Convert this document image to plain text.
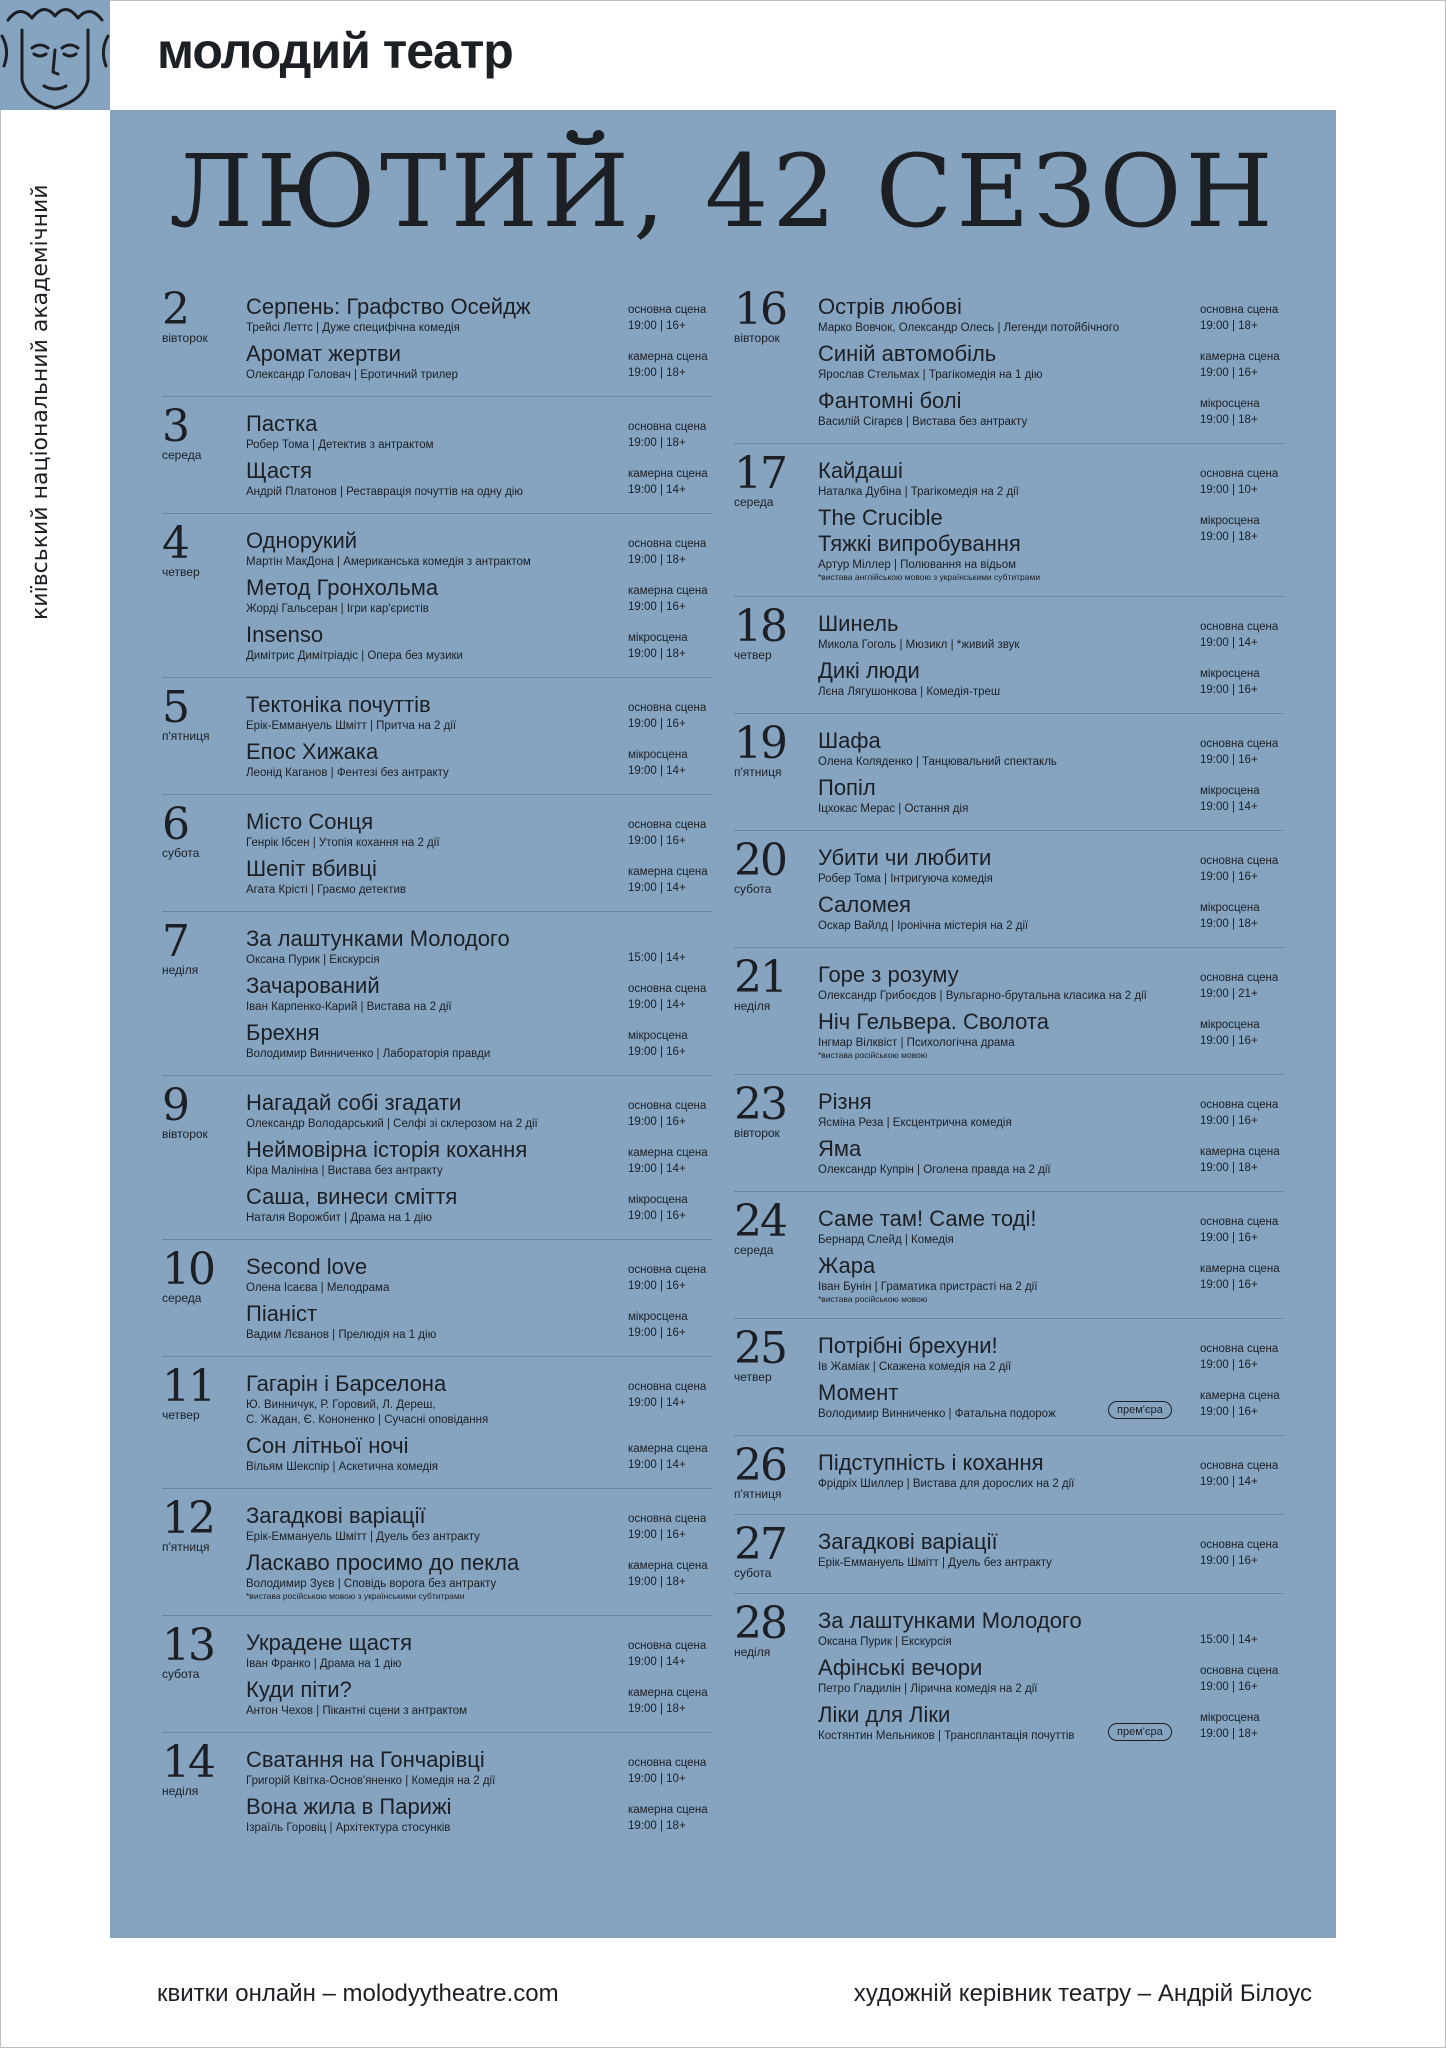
молодий театр
київський національний академічний	ЛЮТИЙ, 42 СЕЗОН
2
вівторок
Серпень: Графство Осейдж
Трейсі Леттс | Дуже специфічна комедія
основна сцена
19:00 | 16+
Аромат жертви
Олександр Головач | Еротичний трилер
камерна сцена
19:00 | 18+
3
середа
Пастка
Робер Тома | Детектив з антрактом
основна сцена
19:00 | 18+
Щастя
Андрій Платонов | Реставрація почуттів на одну дію
камерна сцена
19:00 | 14+
4
четвер
Однорукий
Мартін МакДона | Американська комедія з антрактом
основна сцена
19:00 | 18+
Метод Гронхольма
Жорді Гальсеран | Ігри кар'єристів
камерна сцена
19:00 | 16+
Insenso
Димітрис Димітріадіс | Опера без музики
мікросцена
19:00 | 18+
5
п'ятниця
Тектоніка почуттів
Ерік-Еммануель Шмітт | Притча на 2 дії
основна сцена
19:00 | 16+
Епос Хижака
Леонід Каганов | Фентезі без антракту
мікросцена
19:00 | 14+
6
субота
Місто Сонця
Генрік Ібсен | Утопія кохання на 2 дії
основна сцена
19:00 | 16+
Шепіт вбивці
Агата Крісті | Граємо детектив
камерна сцена
19:00 | 14+
7
неділя
За лаштунками Молодого
Оксана Пурик | Екскурсія	15:00 | 14+
Зачарований
Іван Карпенко-Карий | Вистава на 2 дії
основна сцена
19:00 | 14+
Брехня
Володимир Винниченко | Лабораторія правди
мікросцена
19:00 | 16+
9
вівторок
Нагадай собі згадати
Олександр Володарський | Селфі зі склерозом на 2 дії
основна сцена
19:00 | 16+
Неймовірна історія кохання
Кіра Малініна | Вистава без антракту
камерна сцена
19:00 | 14+
Саша, винеси сміття
Наталя Ворожбит | Драма на 1 дію
мікросцена
19:00 | 16+
10
середа
Second love
Олена Ісаєва | Мелодрама
основна сцена
19:00 | 16+
Піаніст
Вадим Лєванов | Прелюдія на 1 дію
мікросцена
19:00 | 16+
11
четвер
Гагарін і Барселона
Ю. Винничук, Р. Горовий, Л. Дереш,
С. Жадан, Є. Кононенко | Сучасні оповідання
основна сцена
19:00 | 14+
Сон літньої ночі
Вільям Шекспір | Аскетична комедія
камерна сцена
19:00 | 14+
12
п'ятниця
Загадкові варіації
Ерік-Еммануель Шмітт | Дуель без антракту
основна сцена
19:00 | 16+
Ласкаво просимо до пекла
Володимир Зуєв | Сповідь ворога без антракту
*вистава російською мовою з українськими субтитрами
камерна сцена
19:00 | 18+
13
субота
Украдене щастя
Іван Франко | Драма на 1 дію
основна сцена
19:00 | 14+
Куди піти?
Антон Чехов | Пікантні сцени з антрактом
камерна сцена
19:00 | 18+
14
неділя
Сватання на Гончарівці
Григорій Квітка-Основ'яненко | Комедія на 2 дії
основна сцена
19:00 | 10+
Вона жила в Парижі
Ізраїль Горовіц | Архітектура стосунків
камерна сцена
19:00 | 18+
16
вівторок
Острів любові
Марко Вовчок, Олександр Олесь | Легенди потойбічного
основна сцена
19:00 | 18+
Синій автомобіль
Ярослав Стельмах | Трагікомедія на 1 дію
камерна сцена
19:00 | 16+
Фантомні болі
Василій Сігарєв | Вистава без антракту
мікросцена
19:00 | 18+
17
середа
Кайдаші
Наталка Дубіна | Трагікомедія на 2 дії
основна сцена
19:00 | 10+
The Crucible
Тяжкі випробування
Артур Міллер | Полювання на відьом
*вистава англійською мовою з українськими субтитрами
мікросцена
19:00 | 18+
18
четвер
Шинель
Микола Гоголь | Мюзикл | *живий звук
основна сцена
19:00 | 14+
Дикі люди
Лєна Лягушонкова | Комедія-треш
мікросцена
19:00 | 16+
19
п'ятниця
Шафа
Олена Коляденко | Танцювальний спектакль
основна сцена
19:00 | 16+
Попіл
Іцхокас Мерас | Остання дія
мікросцена
19:00 | 14+
20
субота
Убити чи любити
Робер Тома | Інтригуюча комедія
основна сцена
19:00 | 16+
Саломея
Оскар Вайлд | Іронічна містерія на 2 дії
мікросцена
19:00 | 18+
21
неділя
Горе з розуму
Олександр Грибоєдов | Вульгарно-брутальна класика на 2 дії
основна сцена
19:00 | 21+
Ніч Гельвера. Сволота
Інгмар Вілквіст | Психологічна драма
*вистава російською мовою
мікросцена
19:00 | 16+
23
вівторок
Різня
Ясміна Реза | Ексцентрична комедія
основна сцена
19:00 | 16+
Яма
Олександр Купрін | Оголена правда на 2 дії
камерна сцена
19:00 | 18+
24
середа
Саме там! Саме тоді!
Бернард Слейд | Комедія
основна сцена
19:00 | 16+
Жара
Іван Бунін | Граматика пристрасті на 2 дії
*вистава російською мовою
камерна сцена
19:00 | 16+
25
четвер
Потрібні брехуни!
Ів Жаміак | Скажена комедія на 2 дії
основна сцена
19:00 | 16+
Момент
Володимир Винниченко | Фатальна подорож	прем'єра
камерна сцена
19:00 | 16+
26
п'ятниця
Підступність і кохання
Фрідріх Шиллер | Вистава для дорослих на 2 дії
основна сцена
19:00 | 14+
27
субота
Загадкові варіації
Ерік-Еммануель Шмітт | Дуель без антракту
основна сцена
19:00 | 16+
28
неділя
За лаштунками Молодого
Оксана Пурик | Екскурсія	15:00 | 14+
Афінські вечори
Петро Гладилін | Лірична комедія на 2 дії
основна сцена
19:00 | 16+
Ліки для Ліки
Костянтин Мельников | Трансплантація почуттів	прем'єра
мікросцена
19:00 | 18+
квитки онлайн – molodyytheatre.com	художній керівник театру – Андрій Білоус
